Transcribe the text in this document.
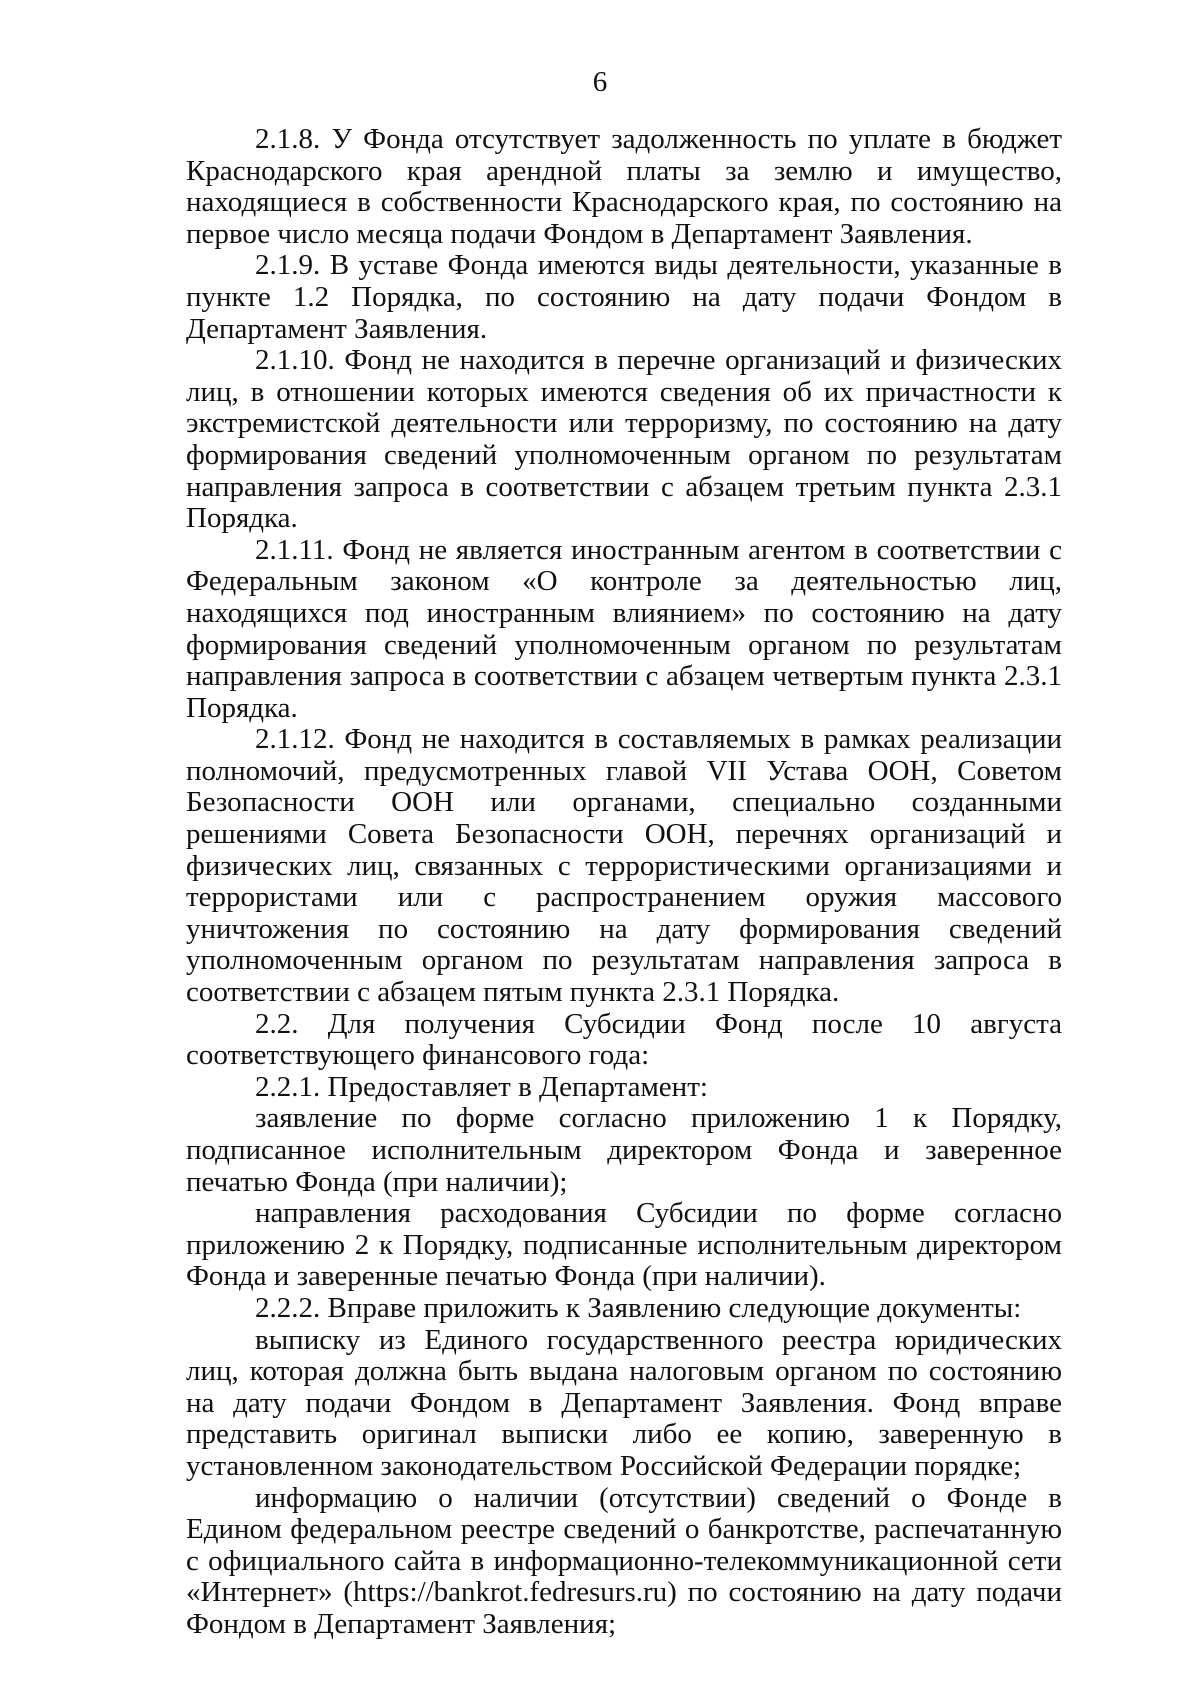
6

2.1.8. У Фонда отсутствует задолженность по уплате в бюджет Краснодарского края арендной платы за землю и имущество, находящиеся в собственности Краснодарского края, по состоянию на первое число месяца подачи Фондом в Департамент Заявления.

2.1.9. В уставе Фонда имеются виды деятельности, указанные в пункте 1.2 Порядка, по состоянию на дату подачи Фондом в Департамент Заявления.

2.1.10. Фонд не находится в перечне организаций и физических лиц, в отношении которых имеются сведения об их причастности к экстремистской деятельности или терроризму, по состоянию на дату формирования сведений уполномоченным органом по результатам направления запроса в соответствии с абзацем третьим пункта 2.3.1 Порядка.

2.1.11. Фонд не является иностранным агентом в соответствии с Федеральным законом «О контроле за деятельностью лиц, находящихся под иностранным влиянием» по состоянию на дату формирования сведений уполномоченным органом по результатам направления запроса в соответствии с абзацем четвертым пункта 2.3.1 Порядка.

2.1.12. Фонд не находится в составляемых в рамках реализации полномочий, предусмотренных главой VII Устава ООН, Советом Безопасности ООН или органами, специально созданными решениями Совета Безопасности ООН, перечнях организаций и физических лиц, связанных с террористическими организациями и террористами или с распространением оружия массового уничтожения по состоянию на дату формирования сведений уполномоченным органом по результатам направления запроса в соответствии с абзацем пятым пункта 2.3.1 Порядка.

2.2. Для получения Субсидии Фонд после 10 августа соответствующего финансового года:

2.2.1. Предоставляет в Департамент:

заявление по форме согласно приложению 1 к Порядку, подписанное исполнительным директором Фонда и заверенное печатью Фонда (при наличии);

направления расходования Субсидии по форме согласно приложению 2 к Порядку, подписанные исполнительным директором Фонда и заверенные печатью Фонда (при наличии).

2.2.2. Вправе приложить к Заявлению следующие документы:

выписку из Единого государственного реестра юридических лиц, которая должна быть выдана налоговым органом по состоянию на дату подачи Фондом в Департамент Заявления. Фонд вправе представить оригинал выписки либо ее копию, заверенную в установленном законодательством Российской Федерации порядке;

информацию о наличии (отсутствии) сведений о Фонде в Едином федеральном реестре сведений о банкротстве, распечатанную с официального сайта в информационно-телекоммуникационной сети «Интернет» (https://bankrot.fedresurs.ru) по состоянию на дату подачи Фондом в Департамент Заявления;
